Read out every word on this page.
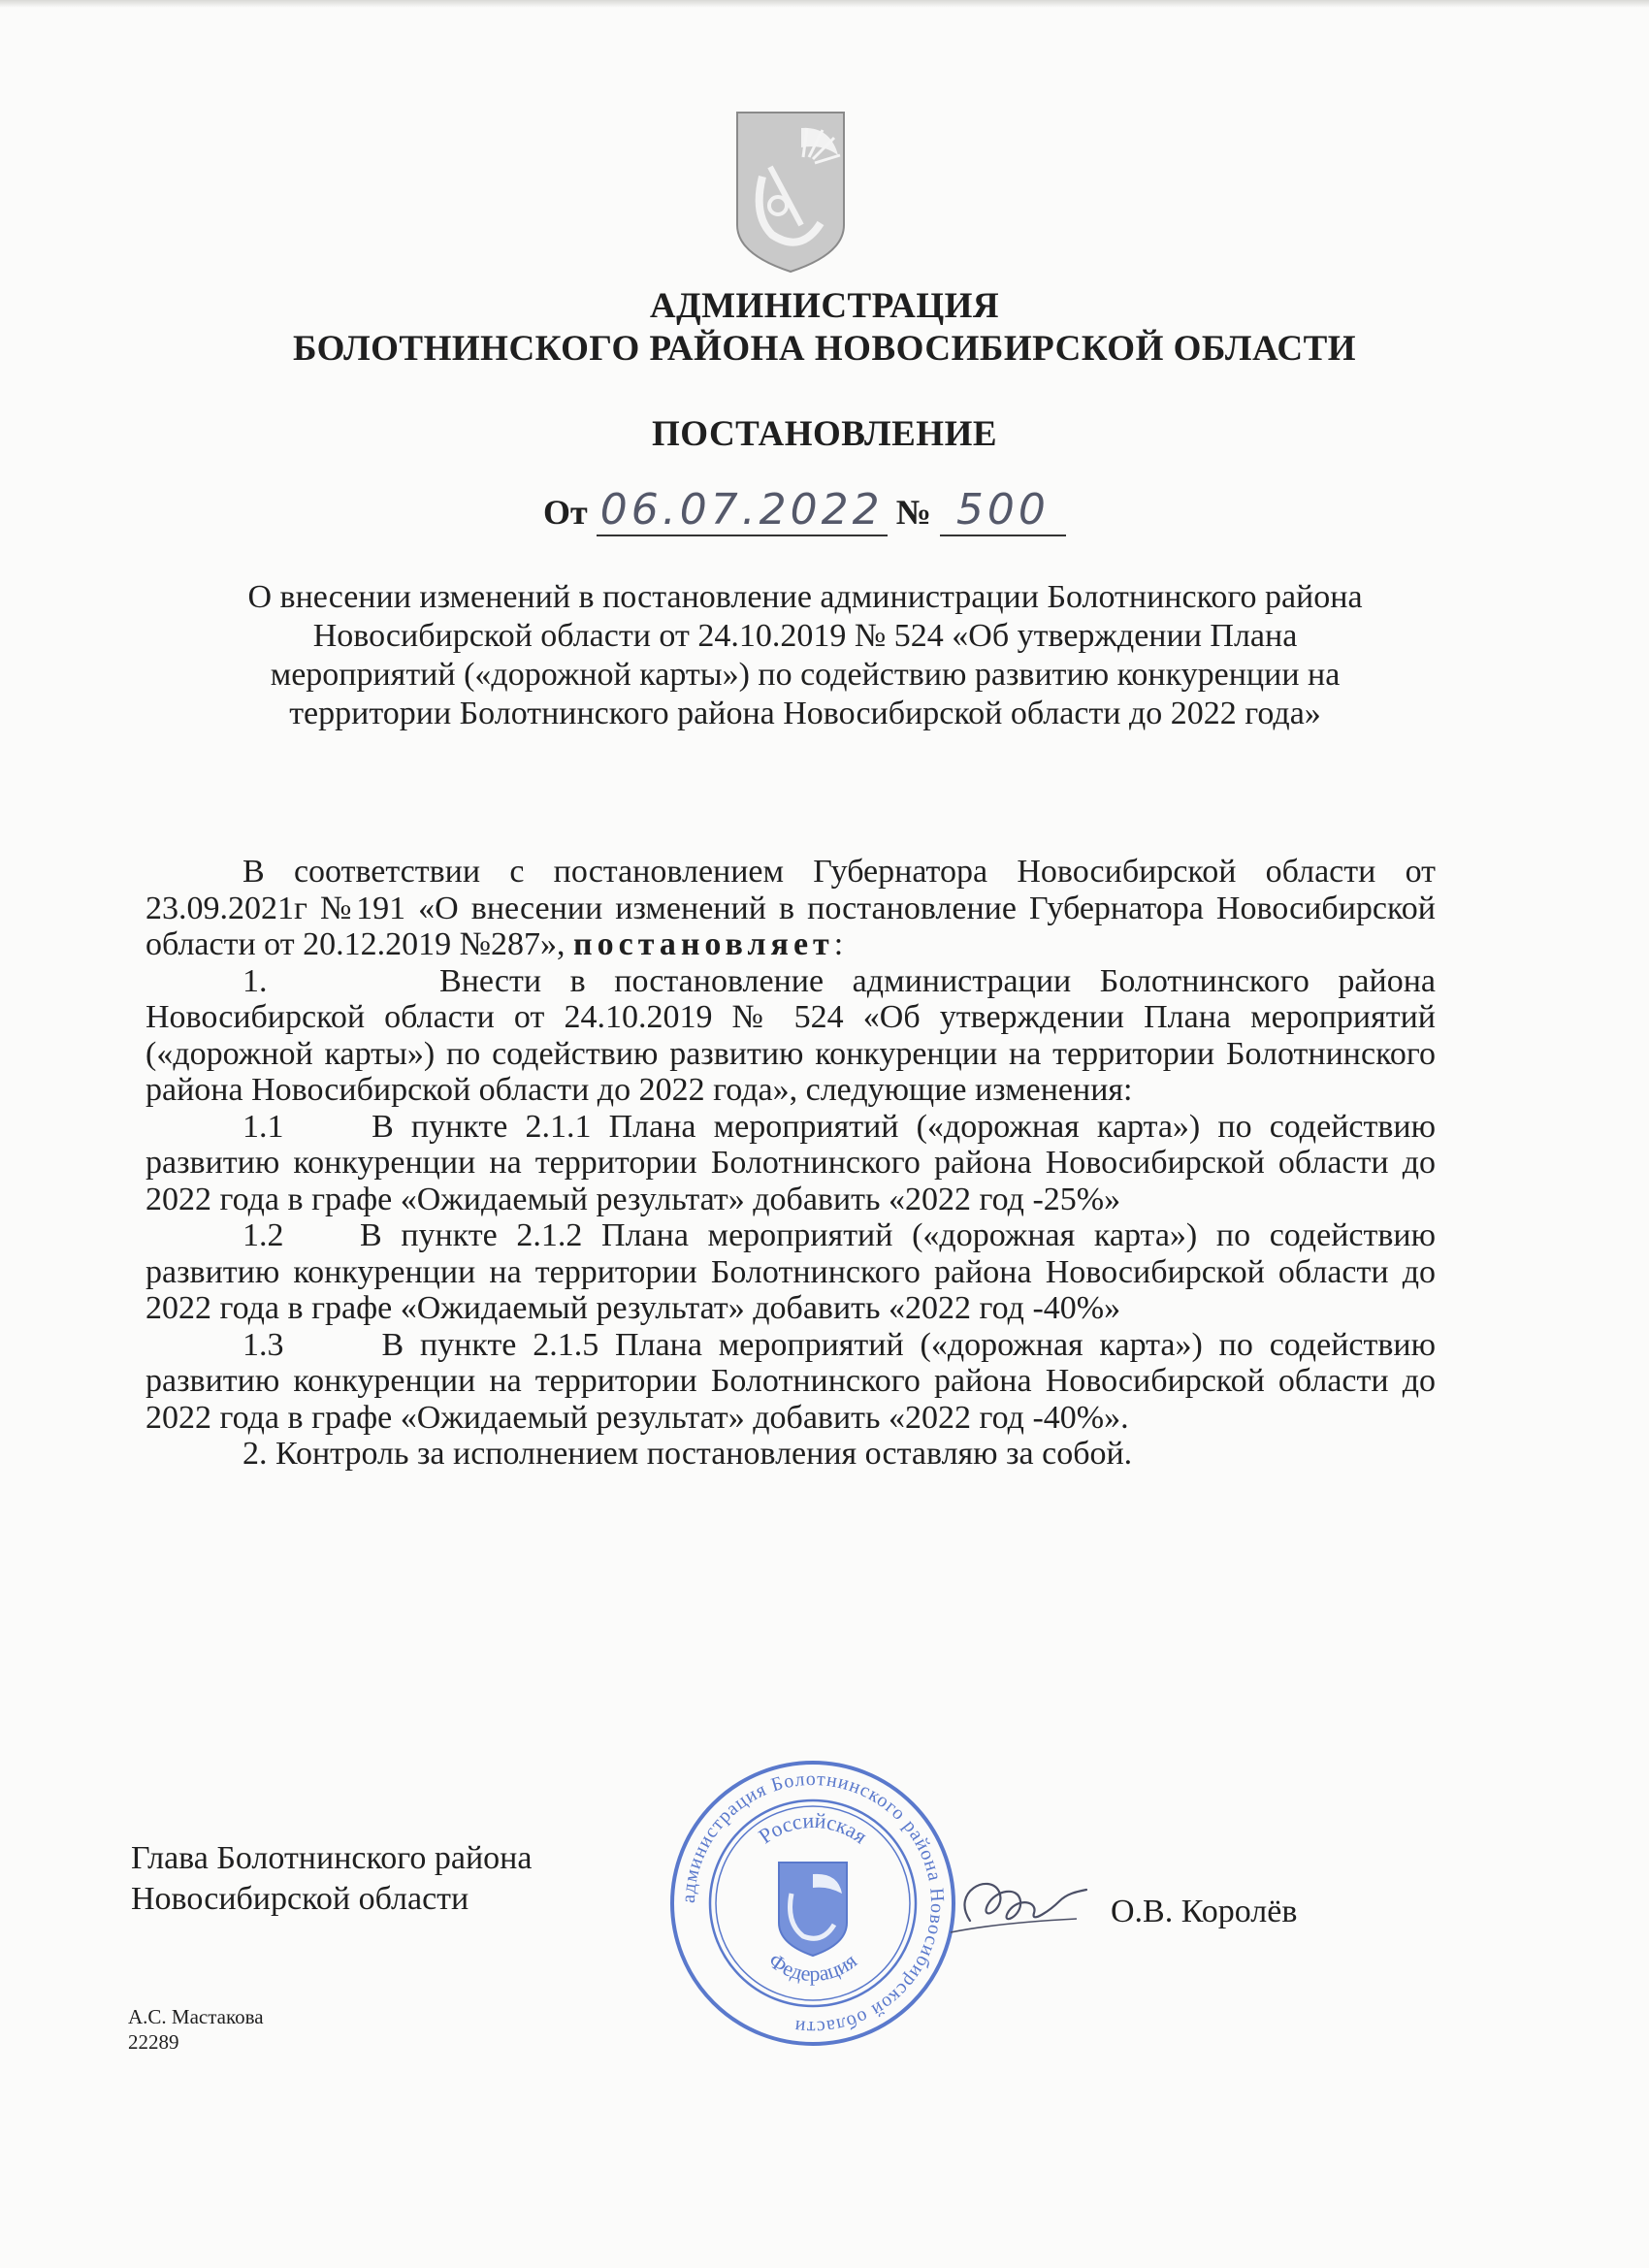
АДМИНИСТРАЦИЯ
БОЛОТНИНСКОГО РАЙОНА НОВОСИБИРСКОЙ ОБЛАСТИ
ПОСТАНОВЛЕНИЕ
От 06.07.2022 № 500
О внесении изменений в постановление администрации Болотнинского района
Новосибирской области от 24.10.2019 № 524 «Об утверждении Плана
мероприятий («дорожной карты») по содействию развитию конкуренции на
территории Болотнинского района Новосибирской области до 2022 года»

В соответствии с постановлением Губернатора Новосибирской области от 23.09.2021г №191 «О внесении изменений в постановление Губернатора Новосибирской области от 20.12.2019 №287», постановляет:

1.      Внести в постановление администрации Болотнинского района Новосибирской области от 24.10.2019 № 524 «Об утверждении Плана мероприятий («дорожной карты») по содействию развитию конкуренции на территории Болотнинского района Новосибирской области до 2022 года», следующие изменения:

1.1     В пункте 2.1.1 Плана мероприятий («дорожная карта») по содействию развитию конкуренции на территории Болотнинского района Новосибирской области до 2022 года в графе «Ожидаемый результат» добавить «2022 год -25%»

1.2    В пункте 2.1.2 Плана мероприятий («дорожная карта») по содействию развитию конкуренции на территории Болотнинского района Новосибирской области до 2022 года в графе «Ожидаемый результат» добавить «2022 год -40%»

1.3      В пункте 2.1.5 Плана мероприятий («дорожная карта») по содействию развитию конкуренции на территории Болотнинского района Новосибирской области до 2022 года в графе «Ожидаемый результат» добавить «2022 год -40%».

2. Контроль за исполнением постановления оставляю за собой.

Глава Болотнинского района
Новосибирской области	администрация Болотнинского района Новосибирской области
Российская
Федерация
О.В. Королёв
А.С. Мастакова
22289
